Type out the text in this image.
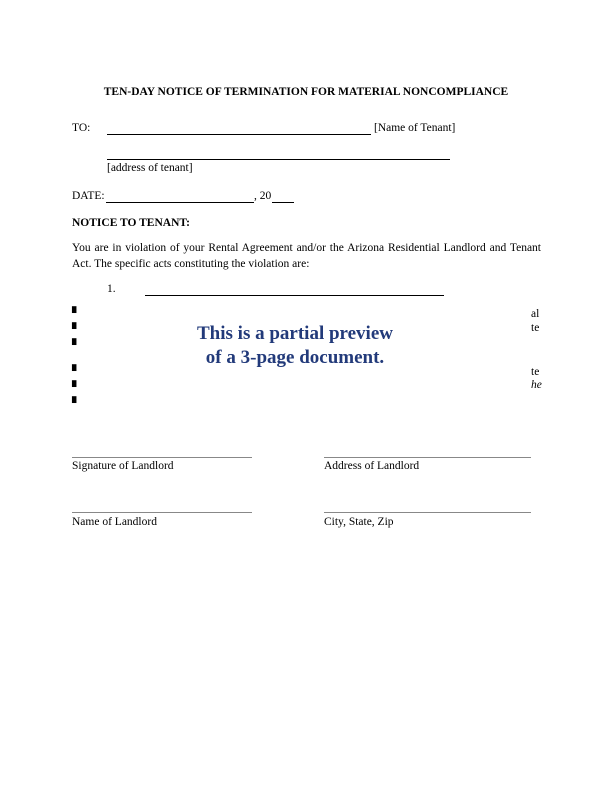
TEN-DAY NOTICE OF TERMINATION FOR MATERIAL NONCOMPLIANCE
TO:	[Name of Tenant]
[address of tenant]
DATE:	, 20
NOTICE TO TENANT:
You are in violation of your Rental Agreement and/or the Arizona Residential Landlord and Tenant Act. The specific acts constituting the violation are:
1.
▘
▘
▘
▘
▘
▘
al
te
te
he
This is a partial preview
of a 3-page document.
Signature of Landlord	Address of Landlord
Name of Landlord	City, State, Zip
